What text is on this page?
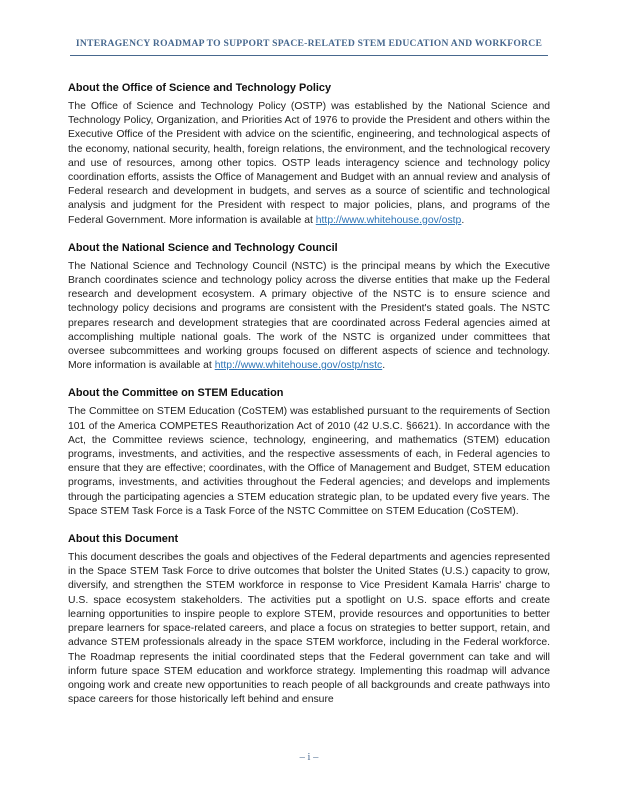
INTERAGENCY ROADMAP TO SUPPORT SPACE-RELATED STEM EDUCATION AND WORKFORCE
About the Office of Science and Technology Policy

The Office of Science and Technology Policy (OSTP) was established by the National Science and Technology Policy, Organization, and Priorities Act of 1976 to provide the President and others within the Executive Office of the President with advice on the scientific, engineering, and technological aspects of the economy, national security, health, foreign relations, the environment, and the technological recovery and use of resources, among other topics. OSTP leads interagency science and technology policy coordination efforts, assists the Office of Management and Budget with an annual review and analysis of Federal research and development in budgets, and serves as a source of scientific and technological analysis and judgment for the President with respect to major policies, plans, and programs of the Federal Government. More information is available at http://www.whitehouse.gov/ostp.

About the National Science and Technology Council

The National Science and Technology Council (NSTC) is the principal means by which the Executive Branch coordinates science and technology policy across the diverse entities that make up the Federal research and development ecosystem. A primary objective of the NSTC is to ensure science and technology policy decisions and programs are consistent with the President's stated goals. The NSTC prepares research and development strategies that are coordinated across Federal agencies aimed at accomplishing multiple national goals. The work of the NSTC is organized under committees that oversee subcommittees and working groups focused on different aspects of science and technology. More information is available at http://www.whitehouse.gov/ostp/nstc.

About the Committee on STEM Education

The Committee on STEM Education (CoSTEM) was established pursuant to the requirements of Section 101 of the America COMPETES Reauthorization Act of 2010 (42 U.S.C. §6621). In accordance with the Act, the Committee reviews science, technology, engineering, and mathematics (STEM) education programs, investments, and activities, and the respective assessments of each, in Federal agencies to ensure that they are effective; coordinates, with the Office of Management and Budget, STEM education programs, investments, and activities throughout the Federal agencies; and develops and implements through the participating agencies a STEM education strategic plan, to be updated every five years. The Space STEM Task Force is a Task Force of the NSTC Committee on STEM Education (CoSTEM).

About this Document

This document describes the goals and objectives of the Federal departments and agencies represented in the Space STEM Task Force to drive outcomes that bolster the United States (U.S.) capacity to grow, diversify, and strengthen the STEM workforce in response to Vice President Kamala Harris' charge to U.S. space ecosystem stakeholders. The activities put a spotlight on U.S. space efforts and create learning opportunities to inspire people to explore STEM, provide resources and opportunities to better prepare learners for space-related careers, and place a focus on strategies to better support, retain, and advance STEM professionals already in the space STEM workforce, including in the Federal workforce. The Roadmap represents the initial coordinated steps that the Federal government can take and will inform future space STEM education and workforce strategy. Implementing this roadmap will advance ongoing work and create new opportunities to reach people of all backgrounds and create pathways into space careers for those historically left behind and ensure

– i –
